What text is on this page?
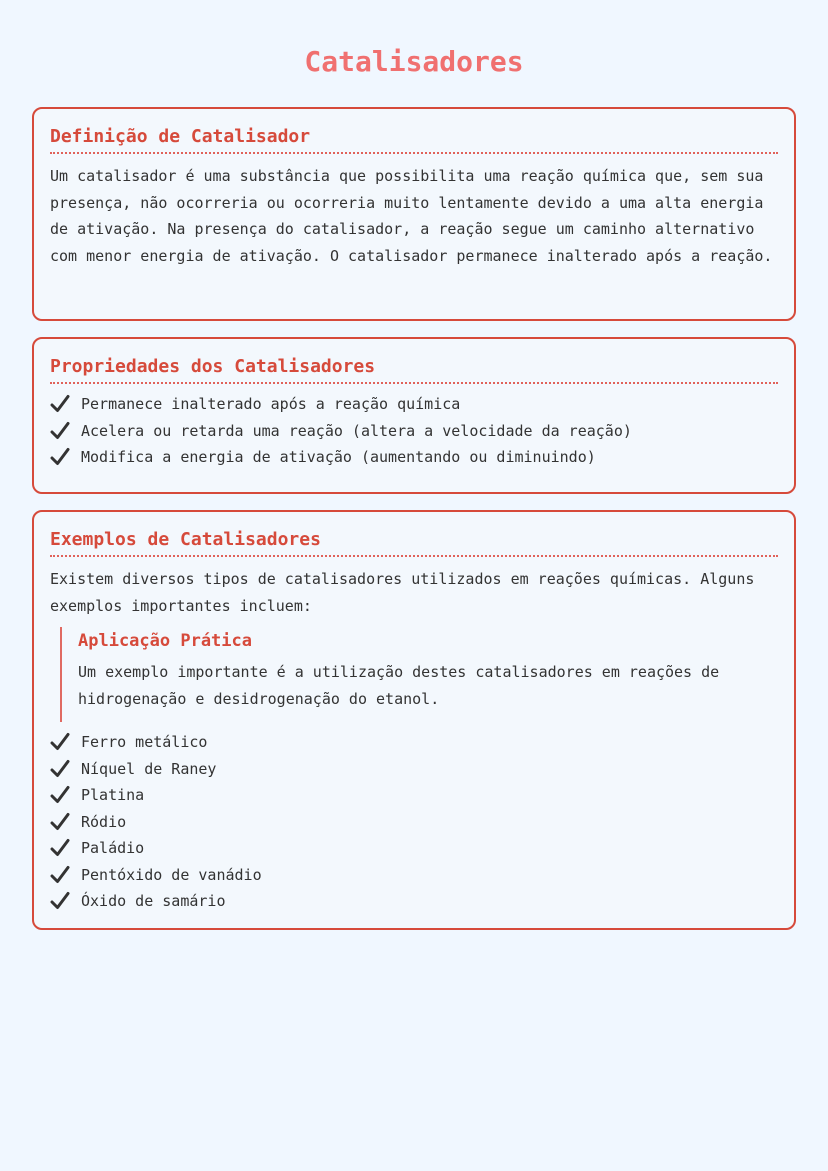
Catalisadores
Definição de Catalisador

Um catalisador é uma substância que possibilita uma reação química que, sem sua presença, não ocorreria ou ocorreria muito lentamente devido a uma alta energia de ativação. Na presença do catalisador, a reação segue um caminho alternativo com menor energia de ativação. O catalisador permanece inalterado após a reação.

Propriedades dos Catalisadores
Permanece inalterado após a reação química
Acelera ou retarda uma reação (altera a velocidade da reação)
Modifica a energia de ativação (aumentando ou diminuindo)
Exemplos de Catalisadores

Existem diversos tipos de catalisadores utilizados em reações químicas. Alguns exemplos importantes incluem:

Aplicação Prática

Um exemplo importante é a utilização destes catalisadores em reações de hidrogenação e desidrogenação do etanol.

Ferro metálico
Níquel de Raney
Platina
Ródio
Paládio
Pentóxido de vanádio
Óxido de samário
